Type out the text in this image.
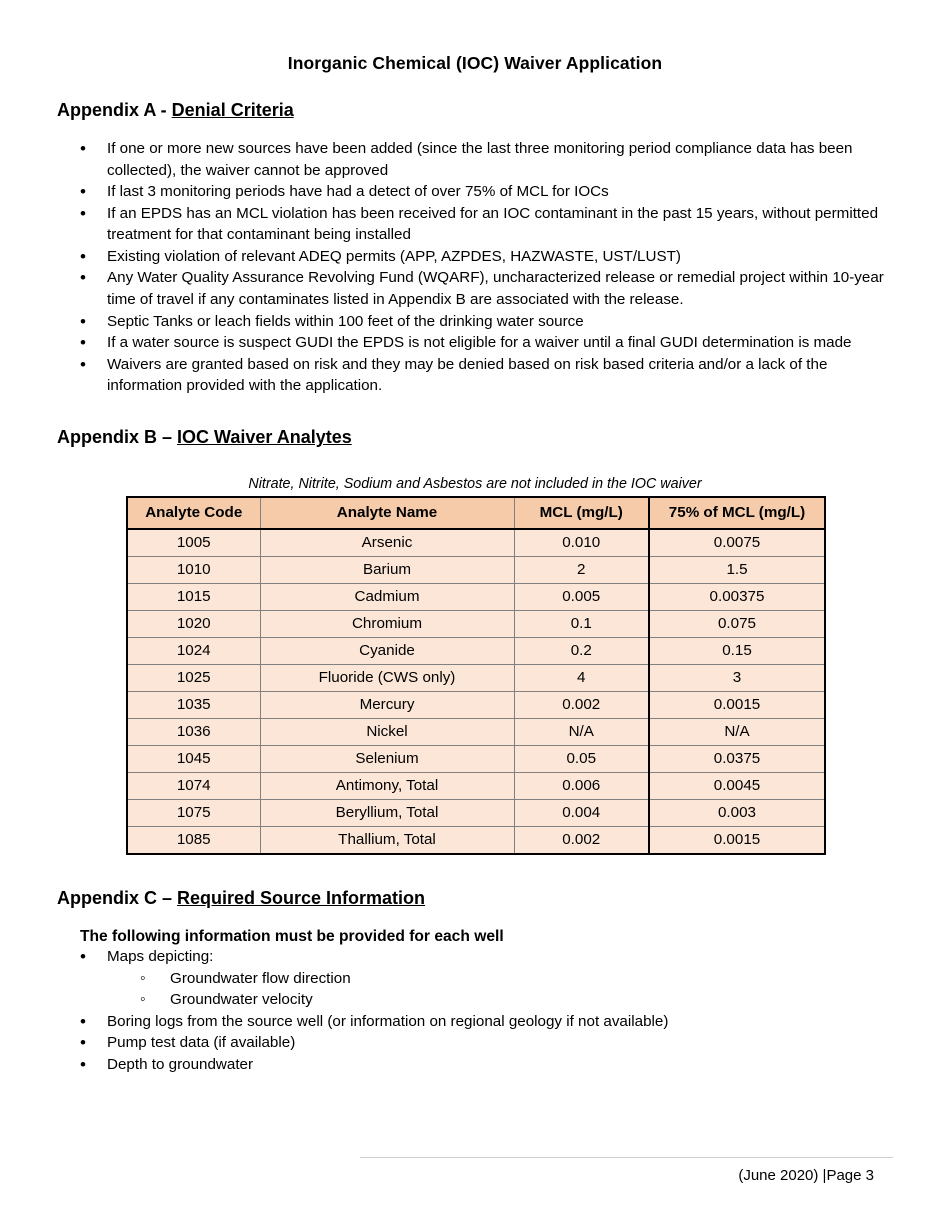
Inorganic Chemical (IOC) Waiver Application
Appendix A - Denial Criteria
• If one or more new sources have been added (since the last three monitoring period compliance data has been collected), the waiver cannot be approved
• If last 3 monitoring periods have had a detect of over 75% of MCL for IOCs
• If an EPDS has an MCL violation has been received for an IOC contaminant in the past 15 years, without permitted treatment for that contaminant being installed
• Existing violation of relevant ADEQ permits (APP, AZPDES, HAZWASTE, UST/LUST)
• Any Water Quality Assurance Revolving Fund (WQARF), uncharacterized release or remedial project within 10-year time of travel if any contaminates listed in Appendix B are associated with the release.
• Septic Tanks or leach fields within 100 feet of the drinking water source
• If a water source is suspect GUDI the EPDS is not eligible for a waiver until a final GUDI determination is made
• Waivers are granted based on risk and they may be denied based on risk based criteria and/or a lack of the information provided with the application.
Appendix B – IOC Waiver Analytes
Nitrate, Nitrite, Sodium and Asbestos are not included in the IOC waiver
Analyte Code	Analyte Name	MCL (mg/L)	75% of MCL (mg/L)
1005	Arsenic	0.010	0.0075
1010	Barium	2	1.5
1015	Cadmium	0.005	0.00375
1020	Chromium	0.1	0.075
1024	Cyanide	0.2	0.15
1025	Fluoride (CWS only)	4	3
1035	Mercury	0.002	0.0015
1036	Nickel	N/A	N/A
1045	Selenium	0.05	0.0375
1074	Antimony, Total	0.006	0.0045
1075	Beryllium, Total	0.004	0.003
1085	Thallium, Total	0.002	0.0015
Appendix C – Required Source Information
The following information must be provided for each well
• Maps depicting:
◦ Groundwater flow direction
◦ Groundwater velocity
• Boring logs from the source well (or information on regional geology if not available)
• Pump test data (if available)
• Depth to groundwater
(June 2020) |Page 3
